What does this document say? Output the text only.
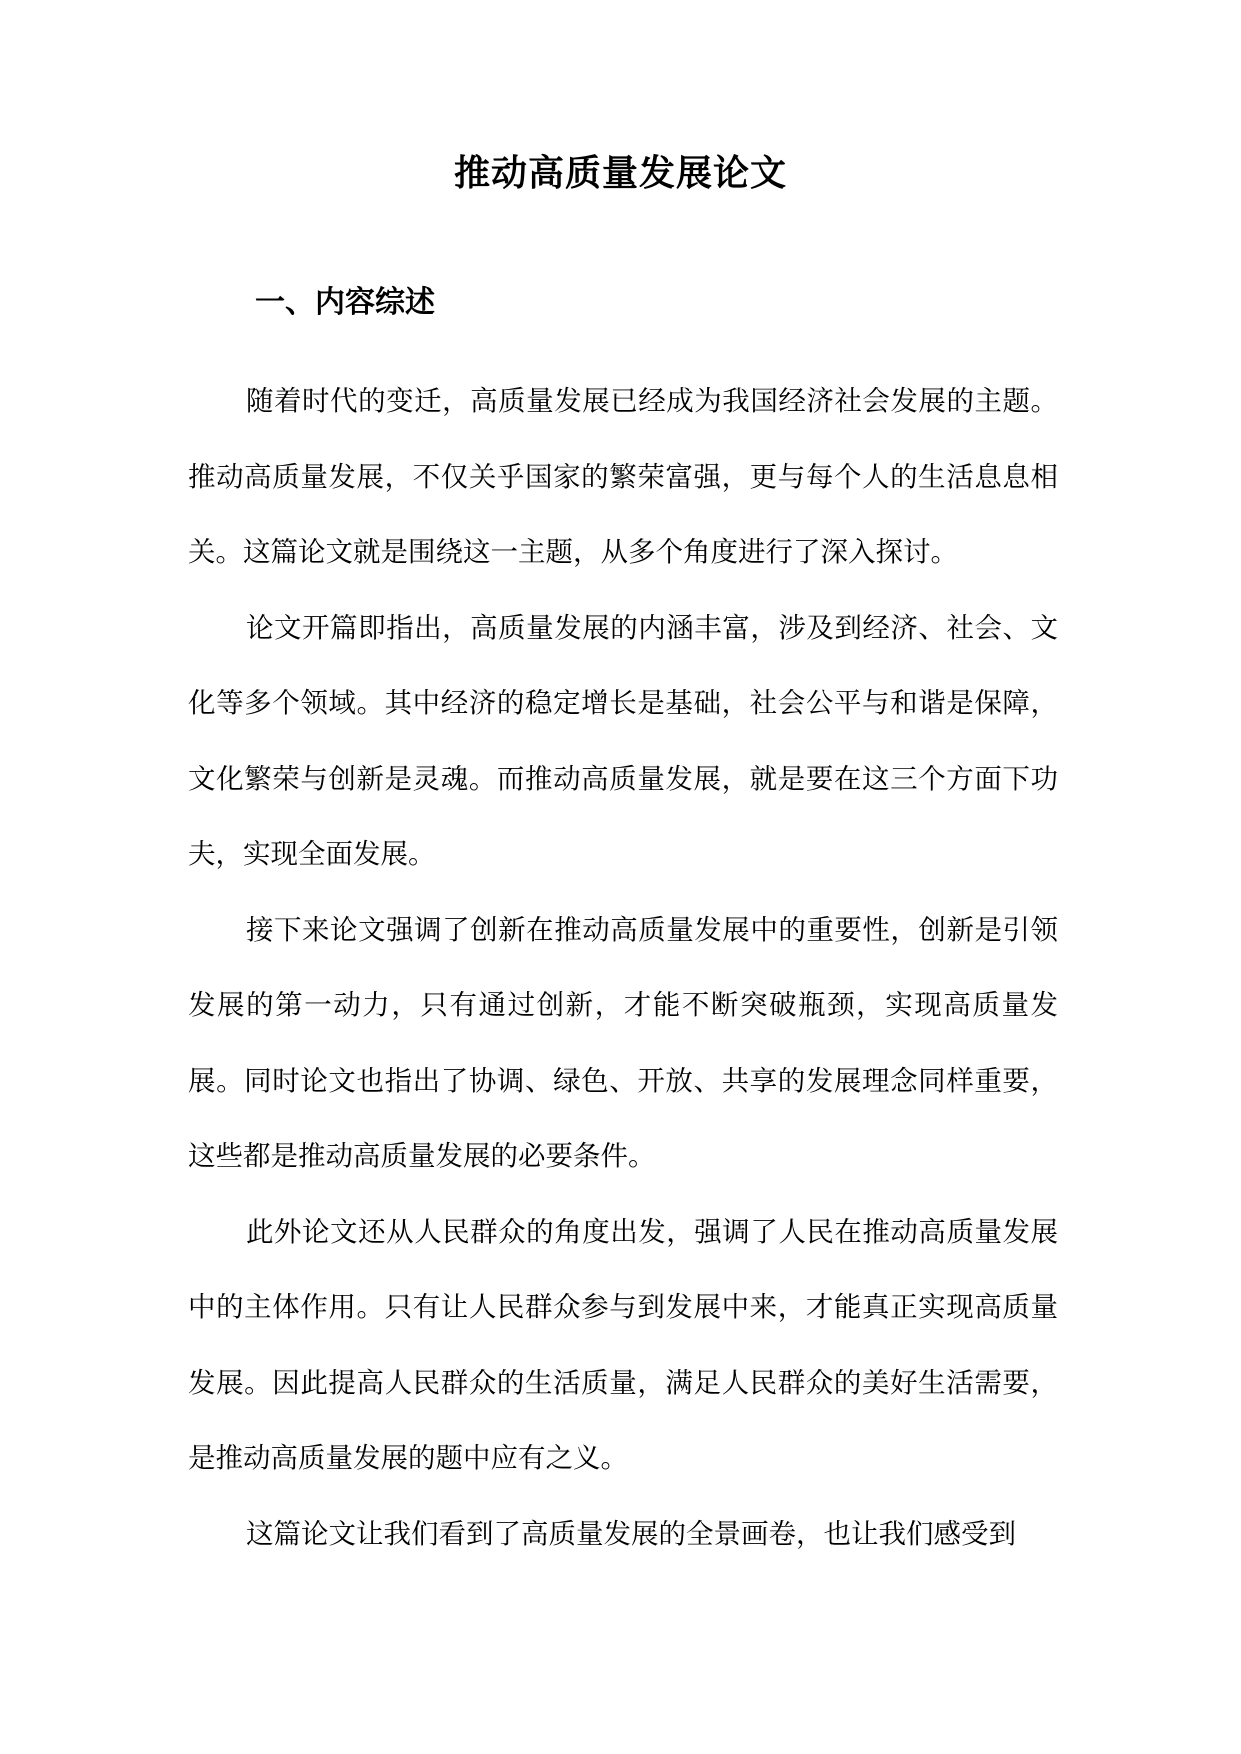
推动高质量发展论文
一、内容综述

随着时代的变迁，高质量发展已经成为我国经济社会发展的主题。推动高质量发展，不仅关乎国家的繁荣富强，更与每个人的生活息息相关。这篇论文就是围绕这一主题，从多个角度进行了深入探讨。

论文开篇即指出，高质量发展的内涵丰富，涉及到经济、社会、文化等多个领域。其中经济的稳定增长是基础，社会公平与和谐是保障，文化繁荣与创新是灵魂。而推动高质量发展，就是要在这三个方面下功夫，实现全面发展。

接下来论文强调了创新在推动高质量发展中的重要性，创新是引领发展的第一动力，只有通过创新，才能不断突破瓶颈，实现高质量发展。同时论文也指出了协调、绿色、开放、共享的发展理念同样重要，这些都是推动高质量发展的必要条件。

此外论文还从人民群众的角度出发，强调了人民在推动高质量发展中的主体作用。只有让人民群众参与到发展中来，才能真正实现高质量发展。因此提高人民群众的生活质量，满足人民群众的美好生活需要，是推动高质量发展的题中应有之义。

这篇论文让我们看到了高质量发展的全景画卷，也让我们感受到
